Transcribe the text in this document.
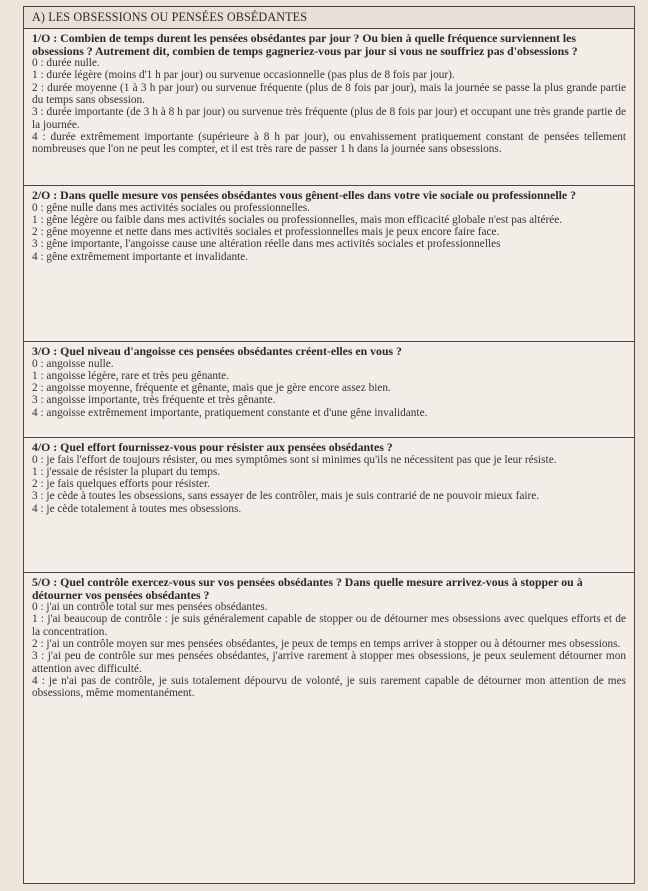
A) LES OBSESSIONS OU PENSÉES OBSÉDANTES

1/O : Combien de temps durent les pensées obsédantes par jour ? Ou bien à quelle fréquence surviennent les obsessions ? Autrement dit, combien de temps gagneriez-vous par jour si vous ne souffriez pas d'obsessions ?

0 : durée nulle.
1 : durée légère (moins d'1 h par jour) ou survenue occasionnelle (pas plus de 8 fois par jour).
2 : durée moyenne (1 à 3 h par jour) ou survenue fréquente (plus de 8 fois par jour), mais la journée se passe la plus grande partie du temps sans obsession.
3 : durée importante (de 3 h à 8 h par jour) ou survenue très fréquente (plus de 8 fois par jour) et occupant une très grande partie de la journée.
4 : durée extrêmement importante (supérieure à 8 h par jour), ou envahissement pratiquement constant de pensées tellement nombreuses que l'on ne peut les compter, et il est très rare de passer 1 h dans la journée sans obsessions.

2/O : Dans quelle mesure vos pensées obsédantes vous gênent-elles dans votre vie sociale ou professionnelle ?

0 : gêne nulle dans mes activités sociales ou professionnelles.
1 : gêne légère ou faible dans mes activités sociales ou professionnelles, mais mon efficacité globale n'est pas altérée.
2 : gêne moyenne et nette dans mes activités sociales et professionnelles mais je peux encore faire face.
3 : gêne importante, l'angoisse cause une altération réelle dans mes activités sociales et professionnelles
4 : gêne extrêmement importante et invalidante.

3/O : Quel niveau d'angoisse ces pensées obsédantes créent-elles en vous ?

0 : angoisse nulle.
1 : angoisse légère, rare et très peu gênante.
2 : angoisse moyenne, fréquente et gênante, mais que je gère encore assez bien.
3 : angoisse importante, très fréquente et très gênante.
4 : angoisse extrêmement importante, pratiquement constante et d'une gêne invalidante.

4/O : Quel effort fournissez-vous pour résister aux pensées obsédantes ?

0 : je fais l'effort de toujours résister, ou mes symptômes sont si minimes qu'ils ne nécessitent pas que je leur résiste.
1 : j'essaie de résister la plupart du temps.
2 : je fais quelques efforts pour résister.
3 : je cède à toutes les obsessions, sans essayer de les contrôler, mais je suis contrarié de ne pouvoir mieux faire.
4 : je cède totalement à toutes mes obsessions.

5/O : Quel contrôle exercez-vous sur vos pensées obsédantes ? Dans quelle mesure arrivez-vous à stopper ou à détourner vos pensées obsédantes ?

0 : j'ai un contrôle total sur mes pensées obsédantes.
1 : j'ai beaucoup de contrôle : je suis généralement capable de stopper ou de détourner mes obsessions avec quelques efforts et de la concentration.
2 : j'ai un contrôle moyen sur mes pensées obsédantes, je peux de temps en temps arriver à stopper ou à détourner mes obsessions.
3 : j'ai peu de contrôle sur mes pensées obsédantes, j'arrive rarement à stopper mes obsessions, je peux seulement détourner mon attention avec difficulté.
4 : je n'ai pas de contrôle, je suis totalement dépourvu de volonté, je suis rarement capable de détourner mon attention de mes obsessions, même momentanément.
